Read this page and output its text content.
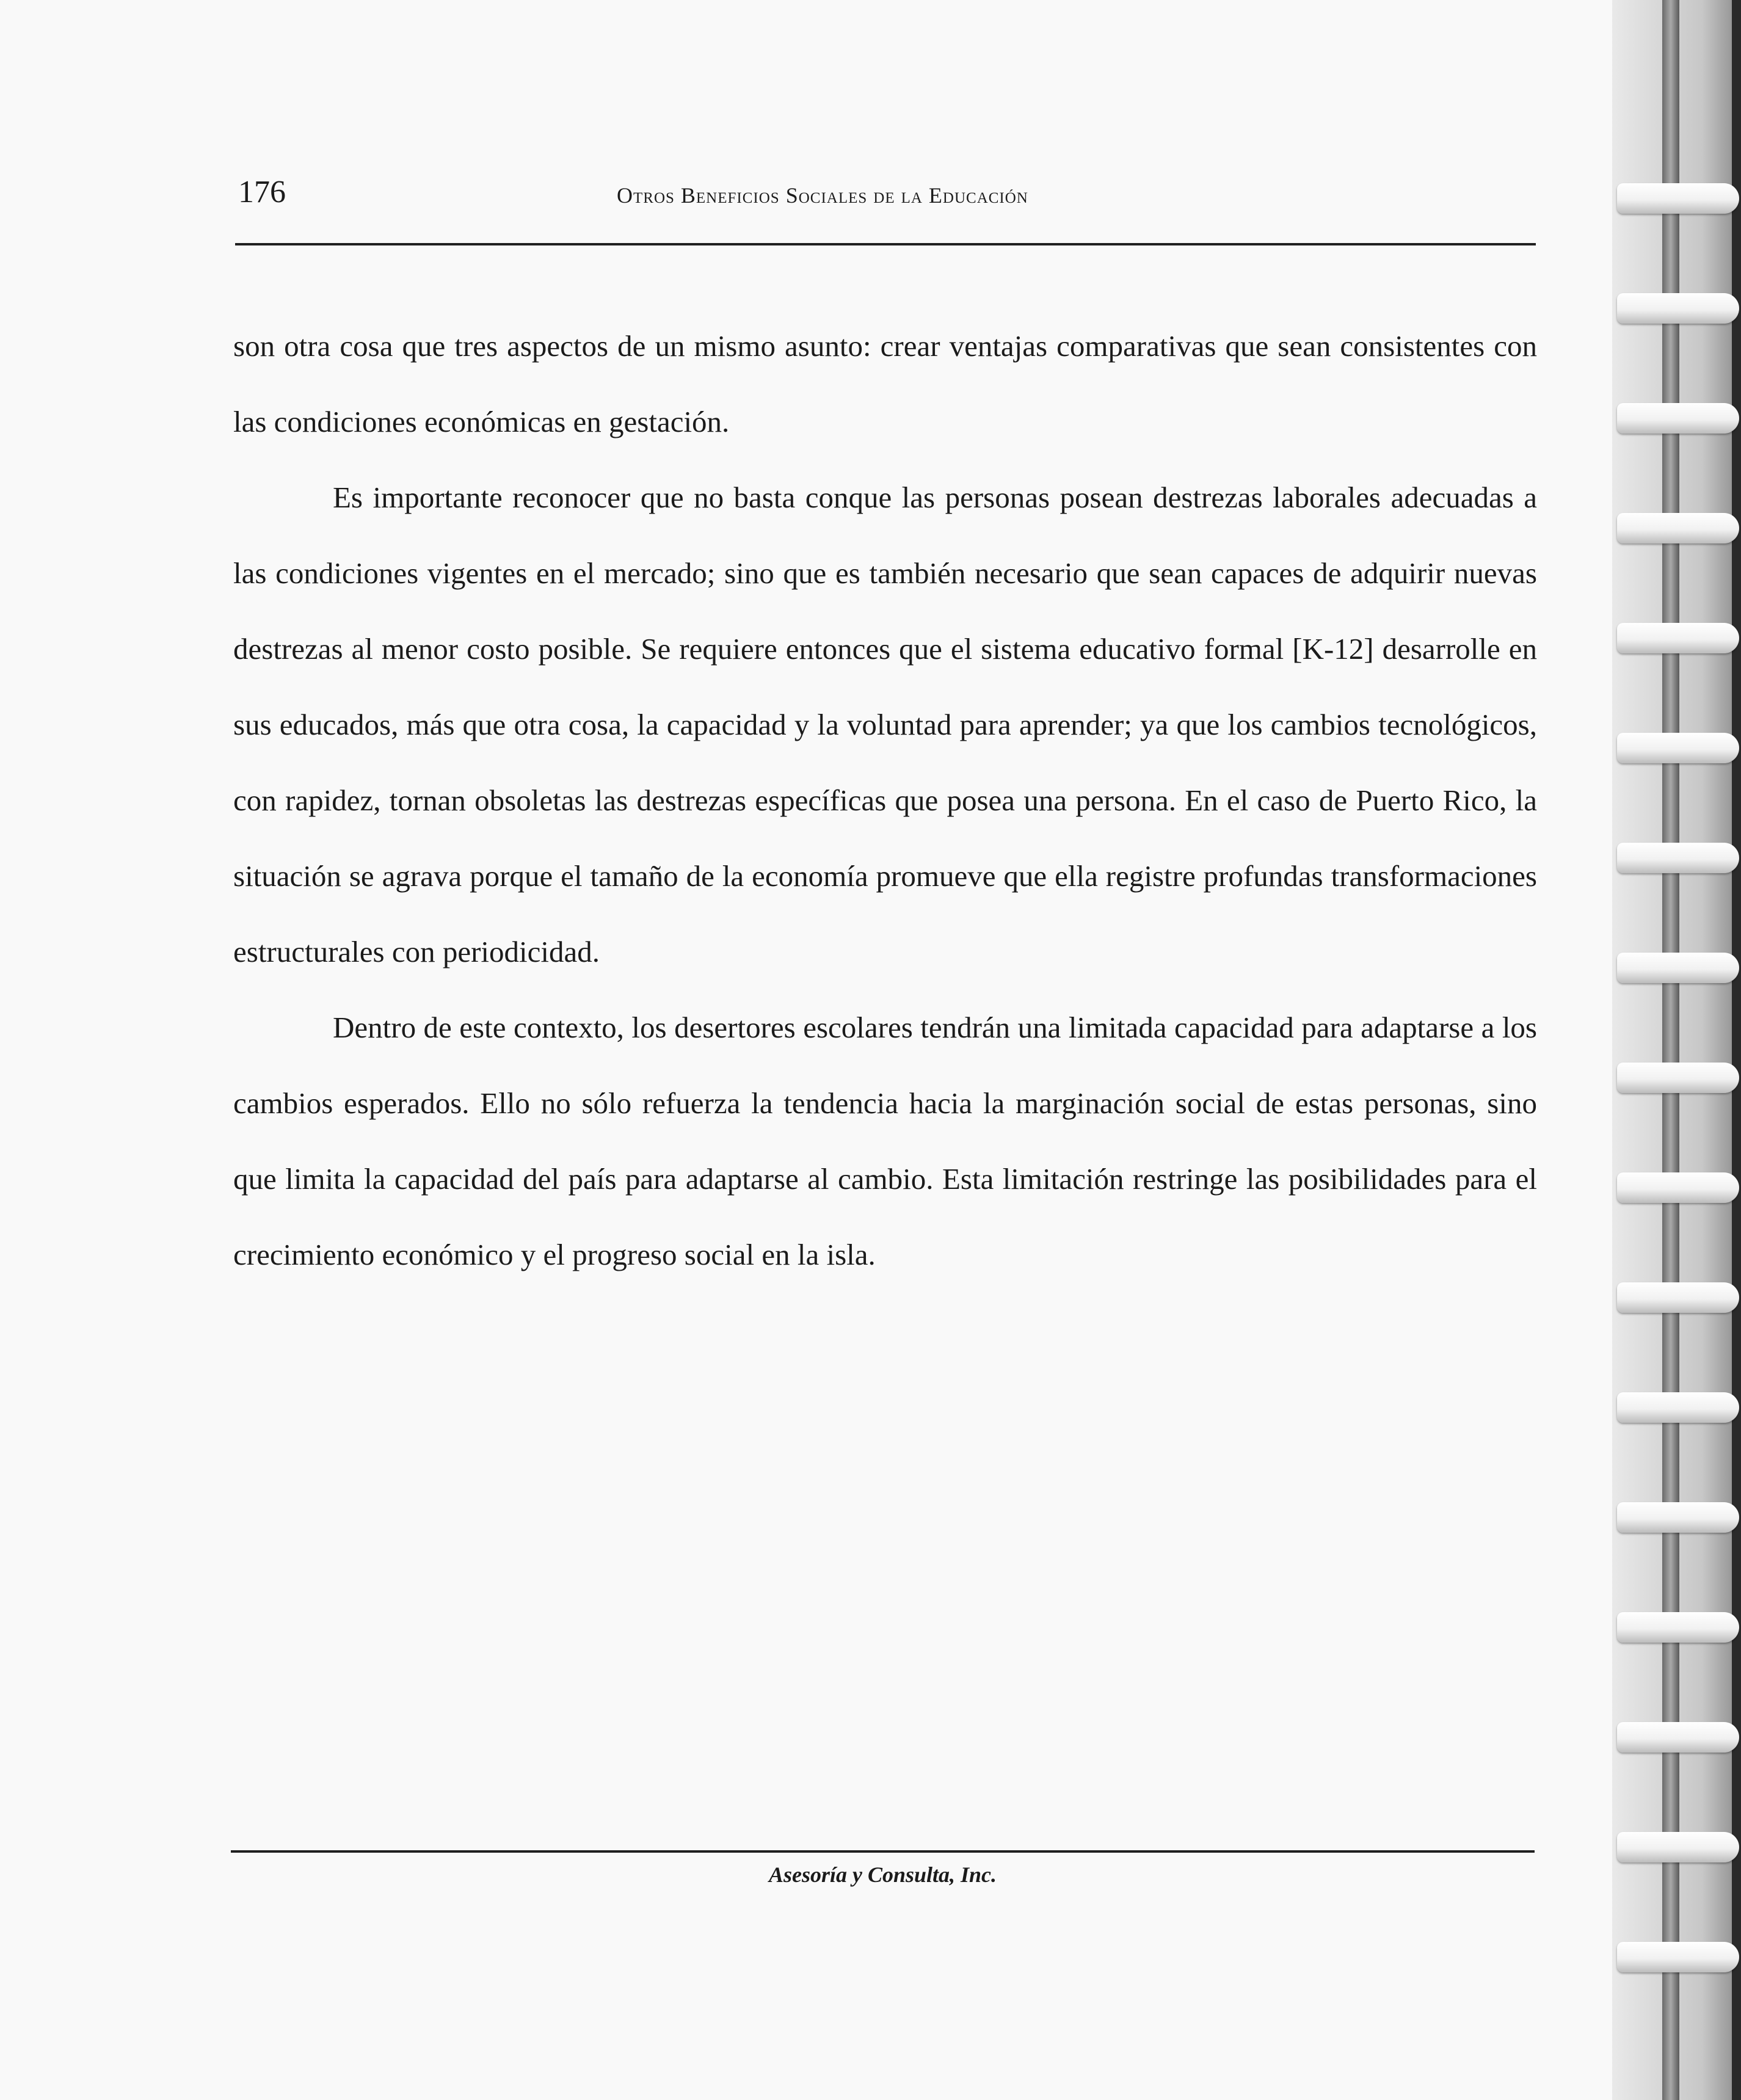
176	Otros Beneficios Sociales de la Educación

son otra cosa que tres aspectos de un mismo asunto: crear ventajas comparativas que sean consistentes con las condiciones económicas en gestación.

Es importante reconocer que no basta conque las personas posean destrezas laborales adecuadas a las condiciones vigentes en el mercado; sino que es también necesario que sean capaces de adquirir nuevas destrezas al menor costo posible. Se requiere entonces que el sistema educativo formal [K-12] desarrolle en sus educados, más que otra cosa, la capacidad y la voluntad para aprender; ya que los cambios tecnológicos, con rapidez, tornan obsoletas las destrezas específicas que posea una persona. En el caso de Puerto Rico, la situación se agrava porque el tamaño de la economía promueve que ella registre profundas transformaciones estructurales con periodicidad.

Dentro de este contexto, los desertores escolares tendrán una limitada capacidad para adaptarse a los cambios esperados. Ello no sólo refuerza la tendencia hacia la marginación social de estas personas, sino que limita la capacidad del país para adaptarse al cambio. Esta limitación restringe las posibilidades para el crecimiento económico y el progreso social en la isla.

Asesoría y Consulta, Inc.
